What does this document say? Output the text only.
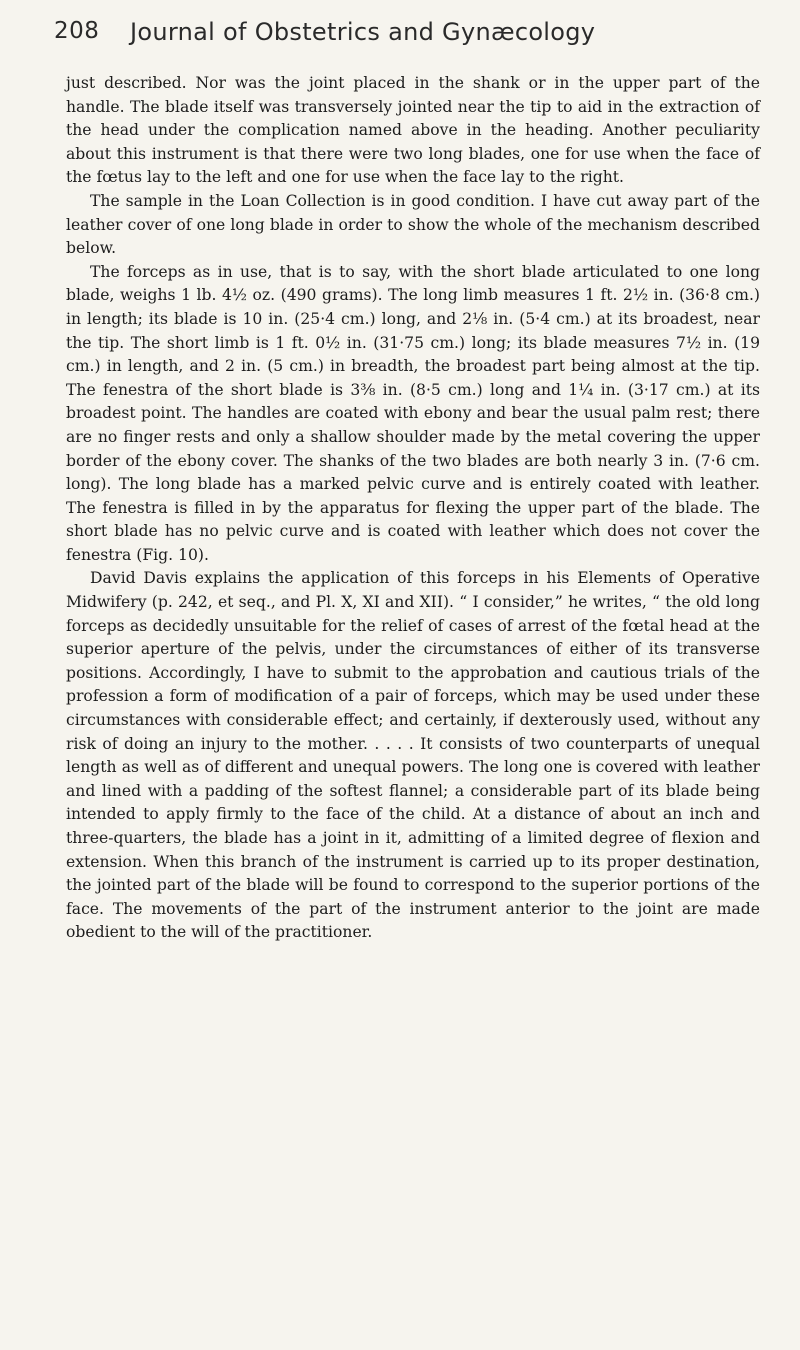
208 Journal of Obstetrics and Gynæcology

just described. Nor was the joint placed in the shank or in the upper part of the handle. The blade itself was transversely jointed near the tip to aid in the extraction of the head under the complication named above in the heading. Another peculiarity about this instrument is that there were two long blades, one for use when the face of the fœtus lay to the left and one for use when the face lay to the right.

The sample in the Loan Collection is in good condition. I have cut away part of the leather cover of one long blade in order to show the whole of the mechanism described below.

The forceps as in use, that is to say, with the short blade articulated to one long blade, weighs 1 lb. 4½ oz. (490 grams). The long limb measures 1 ft. 2½ in. (36·8 cm.) in length; its blade is 10 in. (25·4 cm.) long, and 2⅛ in. (5·4 cm.) at its broadest, near the tip. The short limb is 1 ft. 0½ in. (31·75 cm.) long; its blade measures 7½ in. (19 cm.) in length, and 2 in. (5 cm.) in breadth, the broadest part being almost at the tip. The fenestra of the short blade is 3⅜ in. (8·5 cm.) long and 1¼ in. (3·17 cm.) at its broadest point. The handles are coated with ebony and bear the usual palm rest; there are no finger rests and only a shallow shoulder made by the metal covering the upper border of the ebony cover. The shanks of the two blades are both nearly 3 in. (7·6 cm. long). The long blade has a marked pelvic curve and is entirely coated with leather. The fenestra is filled in by the apparatus for flexing the upper part of the blade. The short blade has no pelvic curve and is coated with leather which does not cover the fenestra (Fig. 10).

David Davis explains the application of this forceps in his Elements of Operative Midwifery (p. 242, et seq., and Pl. X, XI and XII). “ I consider,” he writes, “ the old long forceps as decidedly unsuitable for the relief of cases of arrest of the fœtal head at the superior aperture of the pelvis, under the circumstances of either of its transverse positions. Accordingly, I have to submit to the approbation and cautious trials of the profession a form of modification of a pair of forceps, which may be used under these circumstances with considerable effect; and certainly, if dexterously used, without any risk of doing an injury to the mother. . . . . It consists of two counterparts of unequal length as well as of different and unequal powers. The long one is covered with leather and lined with a padding of the softest flannel; a considerable part of its blade being intended to apply firmly to the face of the child. At a distance of about an inch and three-quarters, the blade has a joint in it, admitting of a limited degree of flexion and extension. When this branch of the instrument is carried up to its proper destination, the jointed part of the blade will be found to correspond to the superior portions of the face. The movements of the part of the instrument anterior to the joint are made obedient to the will of the practitioner.
